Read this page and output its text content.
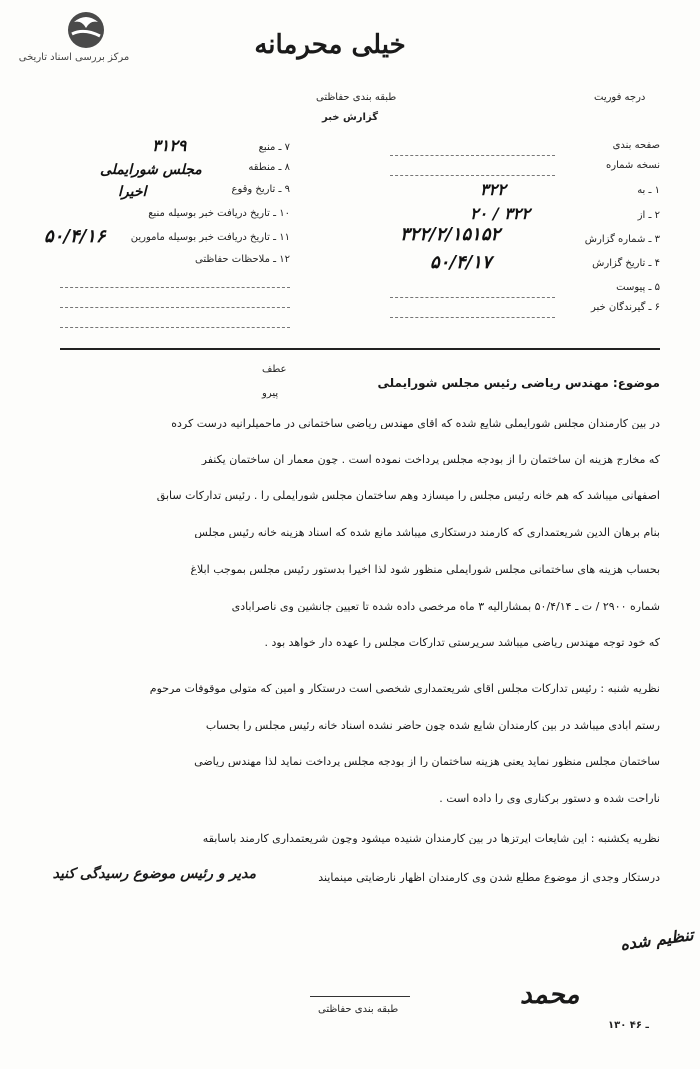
مرکز بررسی اسناد تاریخی	خیلی محرمانه
طبقه بندی حفاظتی	درجه فوریت
گزارش خبر
صفحه بندی
نسخه شماره
۱ ـ به
۳۲۲
۲ ـ از
۲۰ / ۳۲۲
۳ ـ شماره گزارش
۳۲۲/۲/۱۵۱۵۲
۴ ـ تاریخ گزارش
۵۰/۴/۱۷
۵ ـ پیوست
۶ ـ گیرندگان خبر
۷ ـ منبع
۳۱۲۹
۸ ـ منطقه
۹ ـ تاریخ وقوع
مجلس شورایملی
۱۰ ـ تاریخ دریافت خبر بوسیله منبع
اخیرا
۱۱ ـ تاریخ دریافت خبر بوسیله مامورین
۵۰/۴/۱۶
۱۲ ـ ملاحظات حفاظتی
عطف
پیرو
موضوع: مهندس ریاضی رئیس مجلس شورایملی
در بین کارمندان مجلس شورایملی شایع شده که آقای مهندس ریاضی ساختمانی در ماحمیلرانیه درست کرده
که مخارج هزینه آن ساختمان را از بودجه مجلس پرداخت نموده است . چون معمار آن ساختمان یکنفر
اصفهانی میباشد که هم خانه رئیس مجلس را میسازد وهم ساختمان مجلس شورایملی را . رئیس تدارکات سابق
بنام برهان الدین شریعتمداری که کارمند درستکاری میباشد مانع شده که اسناد هزینه خانه رئیس مجلس
بحساب هزینه های ساختمانی مجلس شورایملی منظور شود لذا اخیرا بدستور رئیس مجلس بموجب ابلاغ
شماره ۲۹۰۰ / ت ـ ۵۰/۴/۱۴ بمشارالیه ۳ ماه مرخصی داده شده تا تعیین جانشین وی ناصرآبادی
که خود توجه مهندس ریاضی میباشد سرپرستی تدارکات مجلس را عهده دار خواهد بود .
نظریه شنبه : رئیس تدارکات مجلس آقای شریعتمداری شخصی است درستکار و امین که متولی موقوفات مرحوم
رستم آبادی میباشد در بین کارمندان شایع شده چون حاضر نشده اسناد خانه رئیس مجلس را بحساب
ساختمان مجلس منظور نماید یعنی هزینه ساختمان را از بودجه مجلس پرداخت نماید لذا مهندس ریاضی
ناراحت شده و دستور برکناری وی را داده است .
نظریه یکشنبه : این شایعات اپرتزها در بین کارمندان شنیده میشود وچون شریعتمداری کارمند باسابقه
درستکار وجدی از موضوع مطلع شدن وی کارمندان اظهار نارضایتی مینمایند
مدیر و رئیس موضوع رسیدگی کنید
تنظیم شده
محمد
طبقه بندی حفاظتی
۱۳۰ ـ ۴۶
